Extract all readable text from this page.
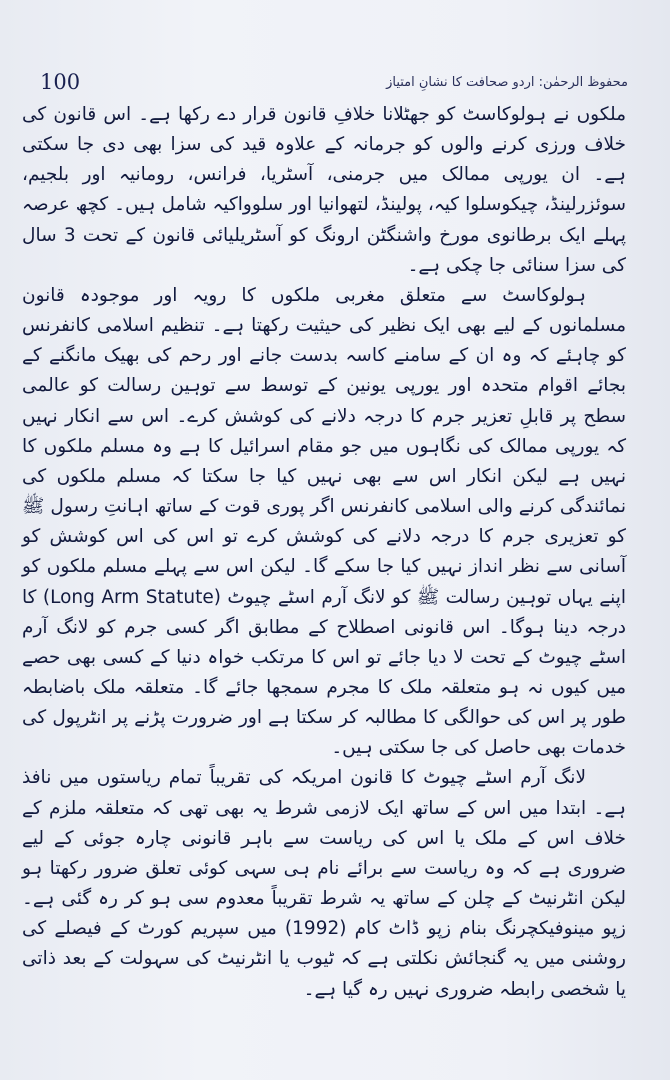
100	محفوظ الرحمٰن: اردو صحافت کا نشانِ امتیاز

ملکوں نے ہولوکاسٹ کو جھٹلانا خلافِ قانون قرار دے رکھا ہے۔ اس قانون کی خلاف ورزی کرنے والوں کو جرمانہ کے علاوہ قید کی سزا بھی دی جا سکتی ہے۔ ان یورپی ممالک میں جرمنی، آسٹریا، فرانس، رومانیہ اور بلجیم، سوئزرلینڈ، چیکوسلوا کیہ، پولینڈ، لتھوانیا اور سلوواکیہ شامل ہیں۔ کچھ عرصہ پہلے ایک برطانوی مورخ واشنگٹن ارونگ کو آسٹریلیائی قانون کے تحت 3 سال کی سزا سنائی جا چکی ہے۔

ہولوکاسٹ سے متعلق مغربی ملکوں کا رویہ اور موجودہ قانون مسلمانوں کے لیے بھی ایک نظیر کی حیثیت رکھتا ہے۔ تنظیم اسلامی کانفرنس کو چاہئے کہ وہ ان کے سامنے کاسہ بدست جانے اور رحم کی بھیک مانگنے کے بجائے اقوام متحدہ اور یورپی یونین کے توسط سے توہین رسالت کو عالمی سطح پر قابلِ تعزیر جرم کا درجہ دلانے کی کوشش کرے۔ اس سے انکار نہیں کہ یورپی ممالک کی نگاہوں میں جو مقام اسرائیل کا ہے وہ مسلم ملکوں کا نہیں ہے لیکن انکار اس سے بھی نہیں کیا جا سکتا کہ مسلم ملکوں کی نمائندگی کرنے والی اسلامی کانفرنس اگر پوری قوت کے ساتھ اہانتِ رسول ﷺ کو تعزیری جرم کا درجہ دلانے کی کوشش کرے تو اس کی اس کوشش کو آسانی سے نظر انداز نہیں کیا جا سکے گا۔ لیکن اس سے پہلے مسلم ملکوں کو اپنے یہاں توہین رسالت ﷺ کو لانگ آرم اسٹے چیوٹ (Long Arm Statute) کا درجہ دینا ہوگا۔ اس قانونی اصطلاح کے مطابق اگر کسی جرم کو لانگ آرم اسٹے چیوٹ کے تحت لا دیا جائے تو اس کا مرتکب خواہ دنیا کے کسی بھی حصے میں کیوں نہ ہو متعلقہ ملک کا مجرم سمجھا جائے گا۔ متعلقہ ملک باضابطہ طور پر اس کی حوالگی کا مطالبہ کر سکتا ہے اور ضرورت پڑنے پر انٹرپول کی خدمات بھی حاصل کی جا سکتی ہیں۔

لانگ آرم اسٹے چیوٹ کا قانون امریکہ کی تقریباً تمام ریاستوں میں نافذ ہے۔ ابتدا میں اس کے ساتھ ایک لازمی شرط یہ بھی تھی کہ متعلقہ ملزم کے خلاف اس کے ملک یا اس کی ریاست سے باہر قانونی چارہ جوئی کے لیے ضروری ہے کہ وہ ریاست سے برائے نام ہی سہی کوئی تعلق ضرور رکھتا ہو لیکن انٹرنیٹ کے چلن کے ساتھ یہ شرط تقریباً معدوم سی ہو کر رہ گئی ہے۔ زپو مینوفیکچرنگ بنام زپو ڈاٹ کام (1992) میں سپریم کورٹ کے فیصلے کی روشنی میں یہ گنجائش نکلتی ہے کہ ٹیوب یا انٹرنیٹ کی سہولت کے بعد ذاتی یا شخصی رابطہ ضروری نہیں رہ گیا ہے۔
